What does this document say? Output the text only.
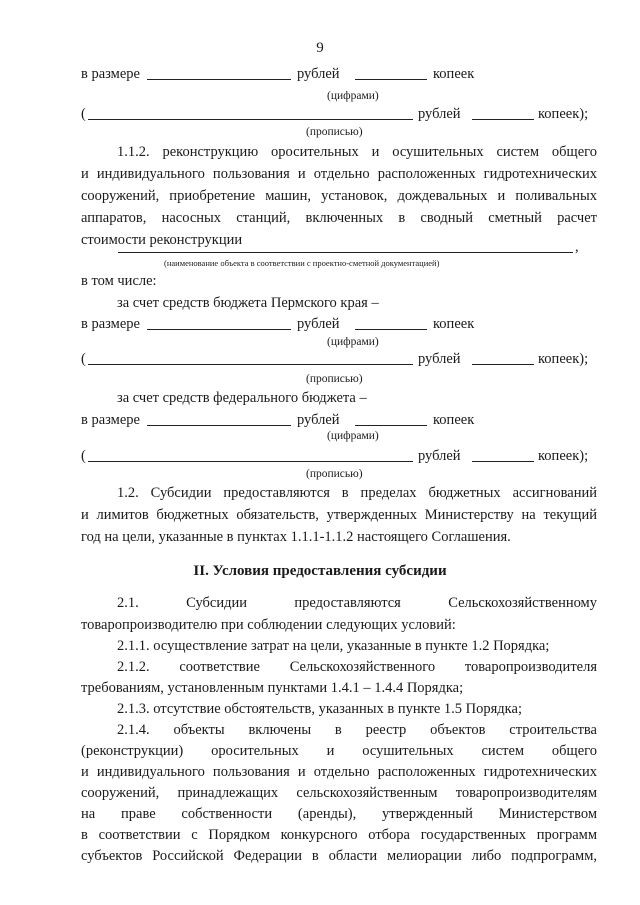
9
в размере	рублей	копеек
(цифрами)
(	рублей	копеек);
(прописью)
1.1.2. реконструкцию оросительных и осушительных систем общего
и индивидуального пользования и отдельно расположенных гидротехнических
сооружений, приобретение машин, установок, дождевальных и поливальных
аппаратов, насосных станций, включенных в сводный сметный расчет
стоимости реконструкции	,
(наименование объекта в соответствии с проектно-сметной документацией)
в том числе:
за счет средств бюджета Пермского края –
в размере	рублей	копеек
(цифрами)
(	рублей	копеек);
(прописью)
за счет средств федерального бюджета –
в размере	рублей	копеек
(цифрами)
(	рублей	копеек);
(прописью)
1.2. Субсидии предоставляются в пределах бюджетных ассигнований
и лимитов бюджетных обязательств, утвержденных Министерству на текущий
год на цели, указанные в пунктах 1.1.1-1.1.2 настоящего Соглашения.
II. Условия предоставления субсидии
2.1. Субсидии предоставляются Сельскохозяйственному
товаропроизводителю при соблюдении следующих условий:
2.1.1. осуществление затрат на цели, указанные в пункте 1.2 Порядка;
2.1.2. соответствие Сельскохозяйственного товаропроизводителя
требованиям, установленным пунктами 1.4.1 – 1.4.4 Порядка;
2.1.3. отсутствие обстоятельств, указанных в пункте 1.5 Порядка;
2.1.4. объекты включены в реестр объектов строительства
(реконструкции) оросительных и осушительных систем общего
и индивидуального пользования и отдельно расположенных гидротехнических
сооружений, принадлежащих сельскохозяйственным товаропроизводителям
на праве собственности (аренды), утвержденный Министерством
в соответствии с Порядком конкурсного отбора государственных программ
субъектов Российской Федерации в области мелиорации либо подпрограмм,
